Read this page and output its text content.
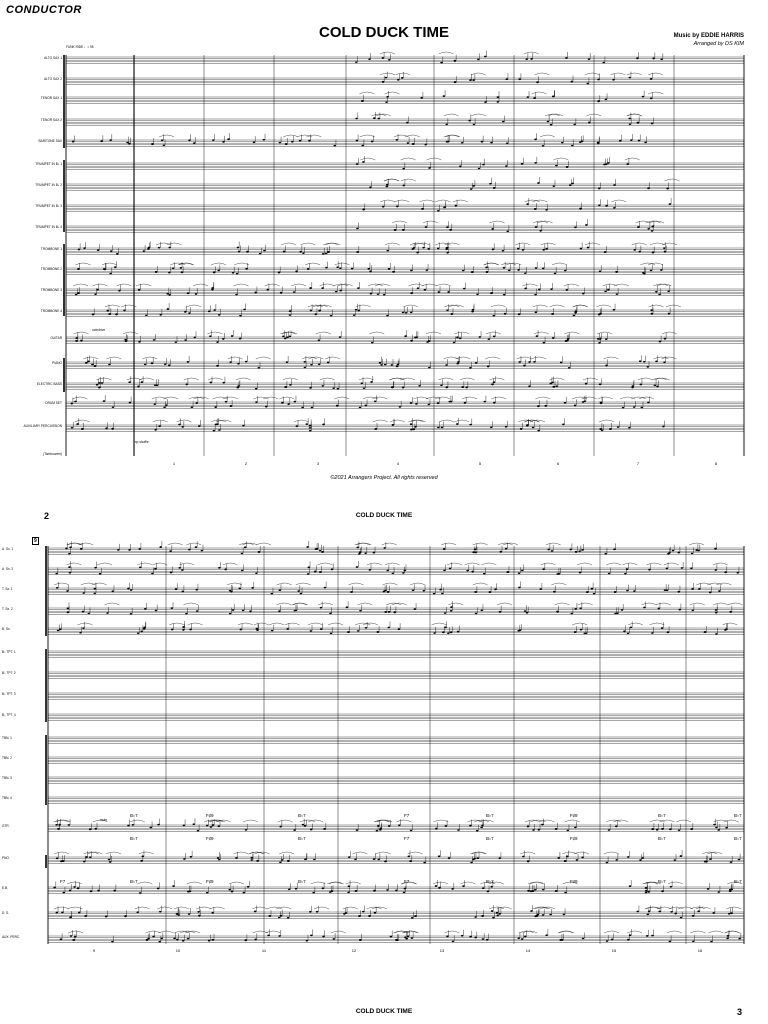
CONDUCTOR
COLD DUCK TIME	Music by EDDIE HARRIS
Arranged by DS KIM
FUNK RIDE ♩= 95
ALTO SAX 1
ALTO SAX 2
TENOR SAX 1
TENOR SAX 2
BARITONE SAX
TRUMPET IN B♭ 1
TRUMPET IN B♭ 2
TRUMPET IN B♭ 3
TRUMPET IN B♭ 4
TROMBONE 1
TROMBONE 2
TROMBONE 3
TROMBONE 4
GUITAR
PIANO
ELECTRIC BASS
DRUM SET
AUXILIARY PERCUSSION
(Tambourine)
overdrive
mp shuffle
1	2	3	4	5	6	7	8
©2021 Arrangers Project. All rights reserved
2	COLD DUCK TIME
9
A. Sx. 1
A. Sx. 2
T. Sx. 1
T. Sx. 2
B. Sx.
B♭ TPT. 1
B♭ TPT. 2
B♭ TPT. 3
B♭ TPT. 4
TBN. 1
TBN. 2
TBN. 3
TBN. 4
GTR.
PNO.
E.B.
D. S.
AUX. PERC.
mute
B♭7	F♯9	B♭7	F7	B♭7	F♯9	B♭7	B♭7
B♭7	F♯9	B♭7	F7	B♭7	F♯9	B♭7	B♭7
F7	B♭7	F♯9	B♭7	F7	B♭7	F♯9	B♭7	B♭7
9	10	11	12	13	14	15	16
COLD DUCK TIME	3
